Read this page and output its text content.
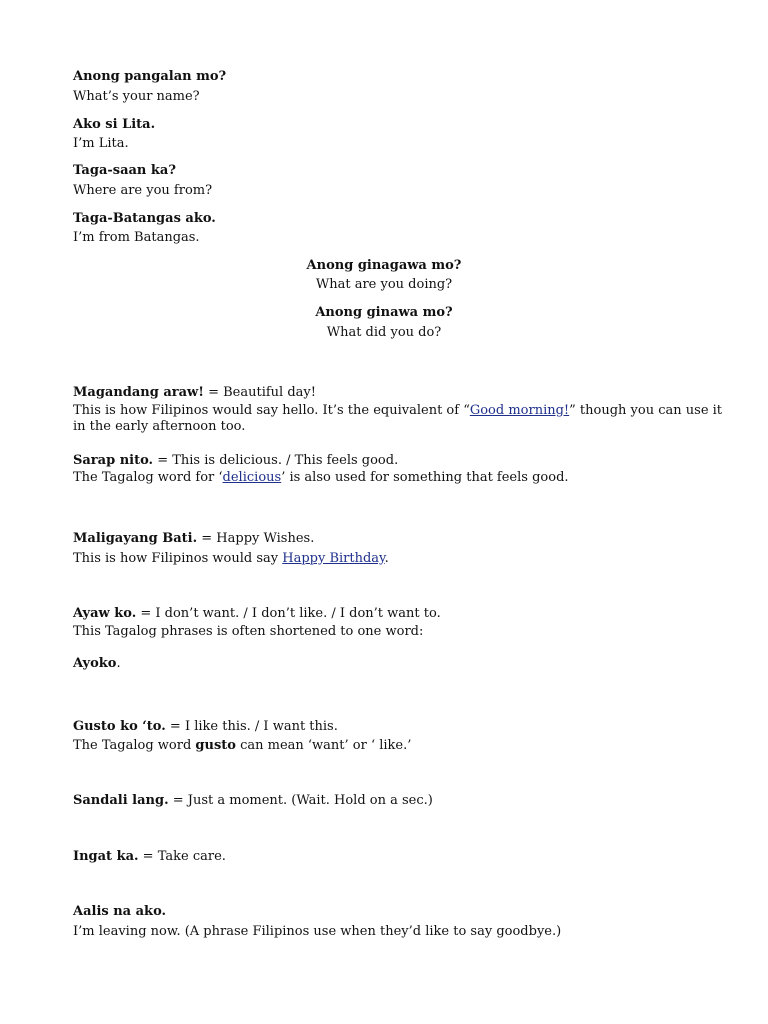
Anong pangalan mo?
What’s your name?
Ako si Lita.
I’m Lita.
Taga-saan ka?
Where are you from?
Taga-Batangas ako.
I’m from Batangas.
Anong ginagawa mo?
What are you doing?
Anong ginawa mo?
What did you do?
Magandang araw! = Beautiful day!
This is how Filipinos would say hello. It’s the equivalent of “Good morning!” though you can use it
in the early afternoon too.
Sarap nito. = This is delicious. / This feels good.
The Tagalog word for ‘delicious’ is also used for something that feels good.
Maligayang Bati. = Happy Wishes.
This is how Filipinos would say Happy Birthday.
Ayaw ko. = I don’t want. / I don’t like. / I don’t want to.
This Tagalog phrases is often shortened to one word:
Ayoko.
Gusto ko ‘to. = I like this. / I want this.
The Tagalog word gusto can mean ‘want’ or ‘ like.’
Sandali lang. = Just a moment. (Wait. Hold on a sec.)
Ingat ka. = Take care.
Aalis na ako.
I’m leaving now. (A phrase Filipinos use when they’d like to say goodbye.)
